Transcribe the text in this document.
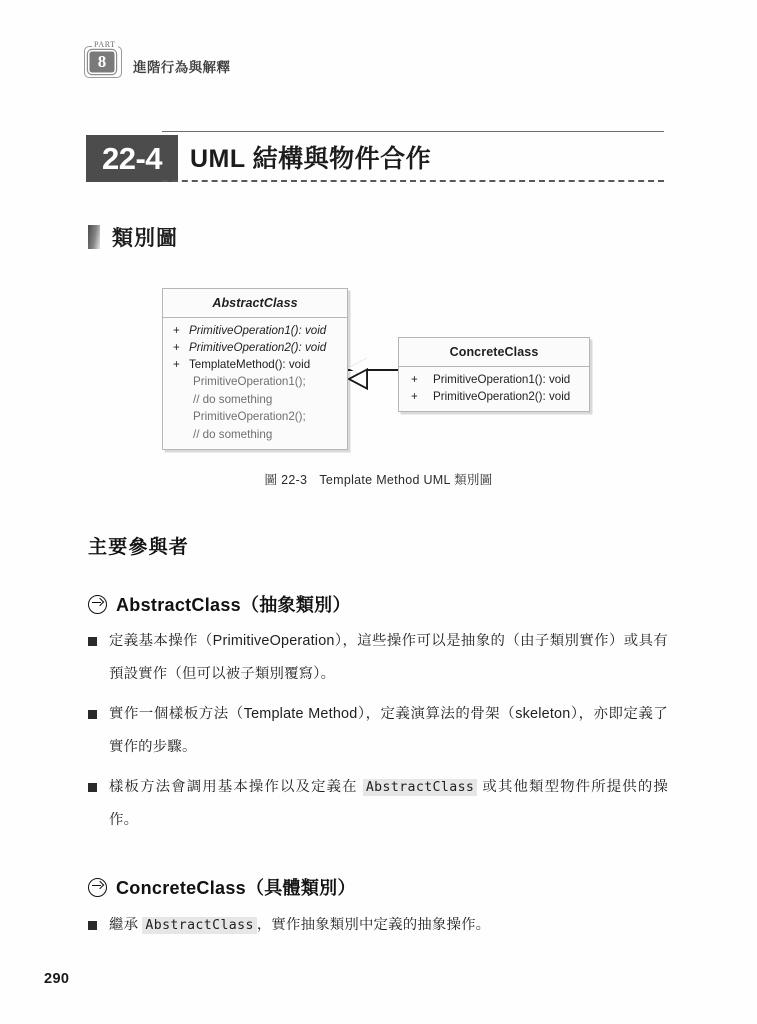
PART
8	進階行為與解釋
22-4	UML 結構與物件合作
類別圖
AbstractClass
+ PrimitiveOperation1(): void
+ PrimitiveOperation2(): void
+ TemplateMethod(): void
PrimitiveOperation1();
// do something
PrimitiveOperation2();
// do something
ConcreteClass
+	PrimitiveOperation1(): void
+	PrimitiveOperation2(): void
圖 22-3 Template Method UML 類別圖
主要參與者
AbstractClass（抽象類別）
定義基本操作（PrimitiveOperation），這些操作可以是抽象的（由子類別實作）或具有預設實作（但可以被子類別覆寫）。
實作一個樣板方法（Template Method），定義演算法的骨架（skeleton），亦即定義了實作的步驟。
樣板方法會調用基本操作以及定義在 AbstractClass 或其他類型物件所提供的操作。
ConcreteClass（具體類別）
繼承 AbstractClass ，實作抽象類別中定義的抽象操作。
290
